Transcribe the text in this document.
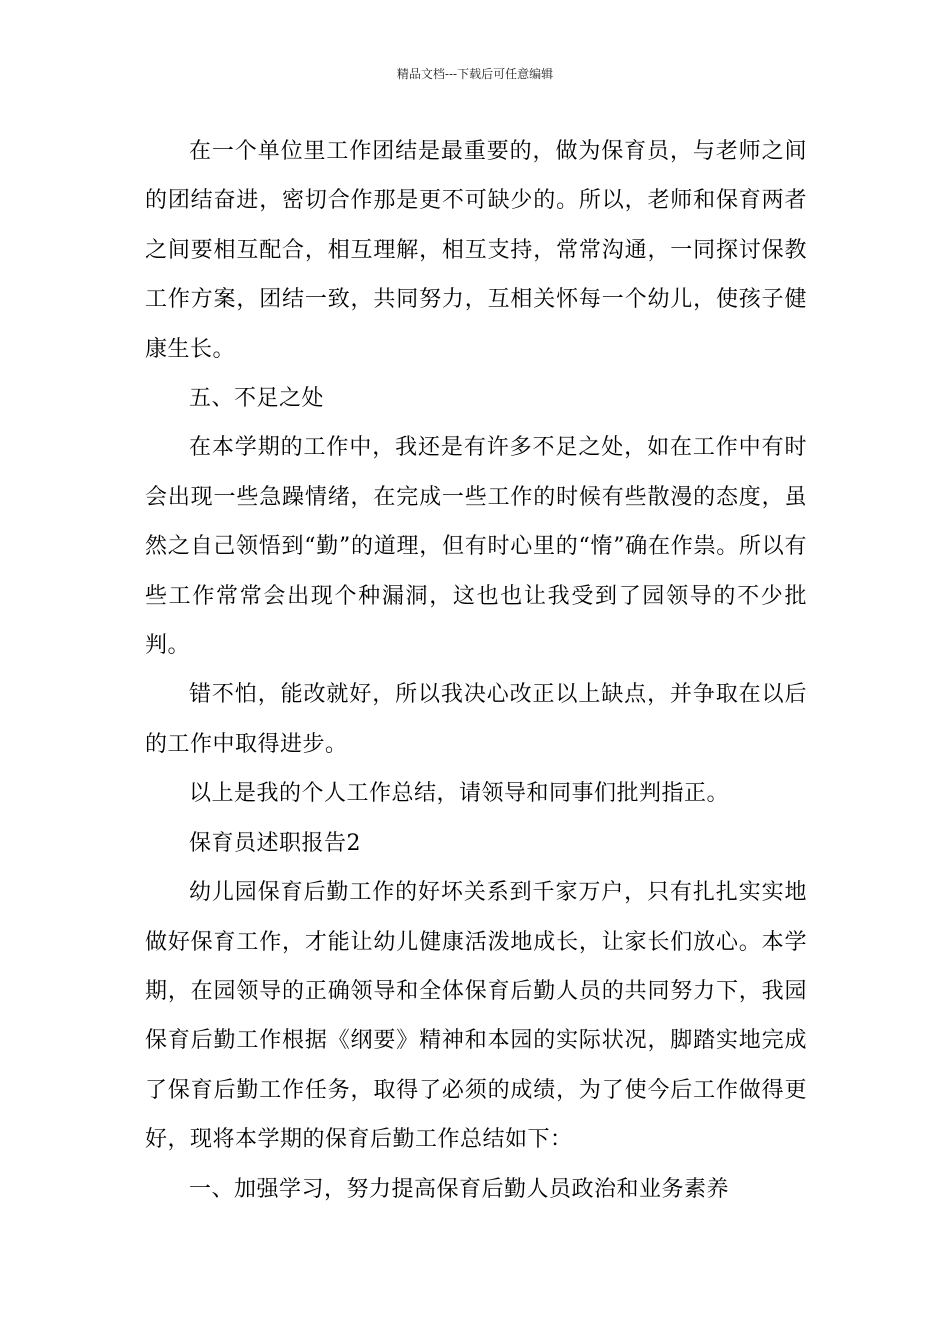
精品文档---下载后可任意编辑

在一个单位里工作团结是最重要的，做为保育员，与老师之间的团结奋进，密切合作那是更不可缺少的。所以，老师和保育两者之间要相互配合，相互理解，相互支持，常常沟通，一同探讨保教工作方案，团结一致，共同努力，互相关怀每一个幼儿，使孩子健康生长。

五、不足之处

在本学期的工作中，我还是有许多不足之处，如在工作中有时会出现一些急躁情绪，在完成一些工作的时候有些散漫的态度，虽然之自己领悟到“勤”的道理，但有时心里的“惰”确在作祟。所以有些工作常常会出现个种漏洞，这也也让我受到了园领导的不少批判。

错不怕，能改就好，所以我决心改正以上缺点，并争取在以后的工作中取得进步。

以上是我的个人工作总结，请领导和同事们批判指正。

保育员述职报告2

幼儿园保育后勤工作的好坏关系到千家万户，只有扎扎实实地做好保育工作，才能让幼儿健康活泼地成长，让家长们放心。本学期，在园领导的正确领导和全体保育后勤人员的共同努力下，我园保育后勤工作根据《纲要》精神和本园的实际状况，脚踏实地完成了保育后勤工作任务，取得了必须的成绩，为了使今后工作做得更好，现将本学期的保育后勤工作总结如下：

一、加强学习，努力提高保育后勤人员政治和业务素养
